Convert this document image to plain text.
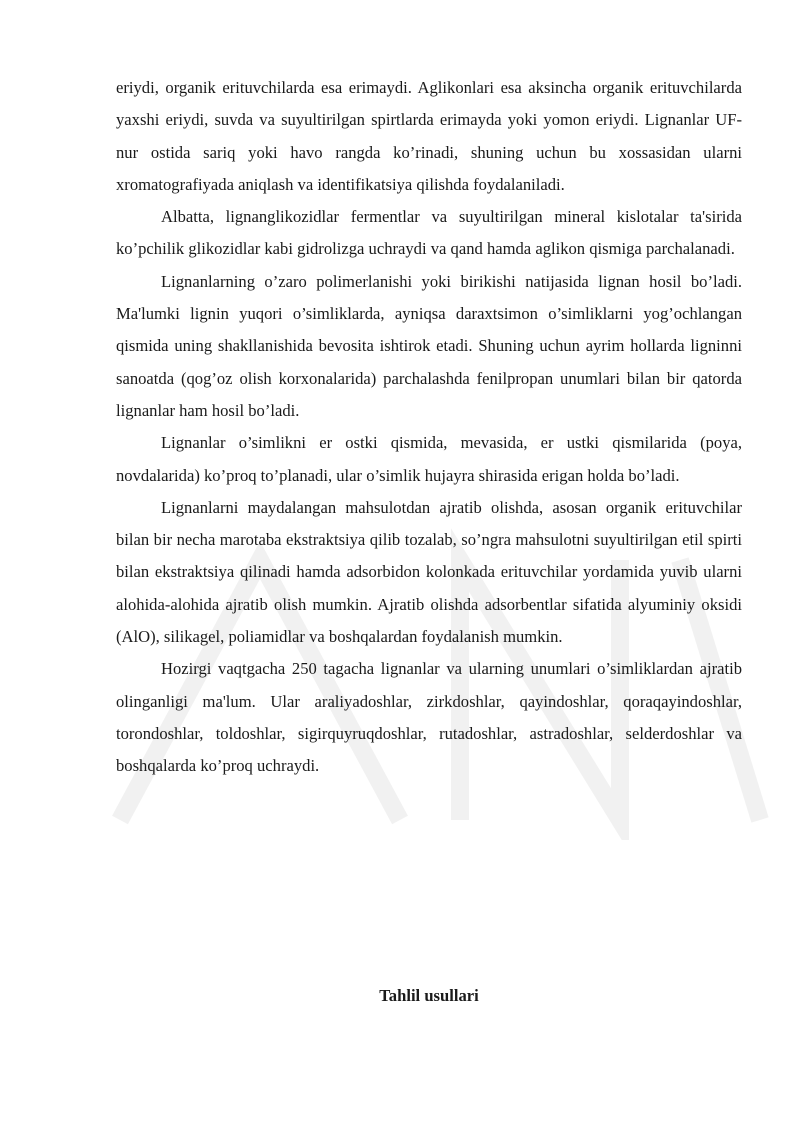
eriydi, organik erituvchilarda esa erimaydi. Aglikonlari esa aksincha organik erituvchilarda yaxshi eriydi, suvda va suyultirilgan spirtlarda erimayda yoki yomon eriydi. Lignanlar UF-nur ostida sariq yoki havo rangda ko’rinadi, shuning uchun bu xossasidan ularni xromatografiyada aniqlash va identifikatsiya qilishda foydalaniladi.

Albatta, lignanglikozidlar fermentlar va suyultirilgan mineral kislotalar ta'sirida ko’pchilik glikozidlar kabi gidrolizga uchraydi va qand hamda aglikon qismiga parchalanadi.

Lignanlarning o’zaro polimerlanishi yoki birikishi natijasida lignan hosil bo’ladi. Ma'lumki lignin yuqori o’simliklarda, ayniqsa daraxtsimon o’simliklarni yog’ochlangan qismida uning shakllanishida bevosita ishtirok etadi. Shuning uchun ayrim hollarda ligninni sanoatda (qog’oz olish korxonalarida) parchalashda fenilpropan unumlari bilan bir qatorda lignanlar ham hosil bo’ladi.

Lignanlar o’simlikni er ostki qismida, mevasida, er ustki qismilarida (poya, novdalarida) ko’proq to’planadi, ular o’simlik hujayra shirasida erigan holda bo’ladi.

Lignanlarni maydalangan mahsulotdan ajratib olishda, asosan organik erituvchilar bilan bir necha marotaba ekstraktsiya qilib tozalab, so’ngra mahsulotni suyultirilgan etil spirti bilan ekstraktsiya qilinadi hamda adsorbidon kolonkada erituvchilar yordamida yuvib ularni alohida-alohida ajratib olish mumkin. Ajratib olishda adsorbentlar sifatida alyuminiy oksidi (AlO), silikagel, poliamidlar va boshqalardan foydalanish mumkin.

Hozirgi vaqtgacha 250 tagacha lignanlar va ularning unumlari o’simliklardan ajratib olinganligi ma'lum. Ular araliyadoshlar, zirkdoshlar, qayindoshlar, qoraqayindoshlar, torondoshlar, toldoshlar, sigirquyruqdoshlar, rutadoshlar, astradoshlar, selderdoshlar va boshqalarda ko’proq uchraydi.

Tahlil usullari
